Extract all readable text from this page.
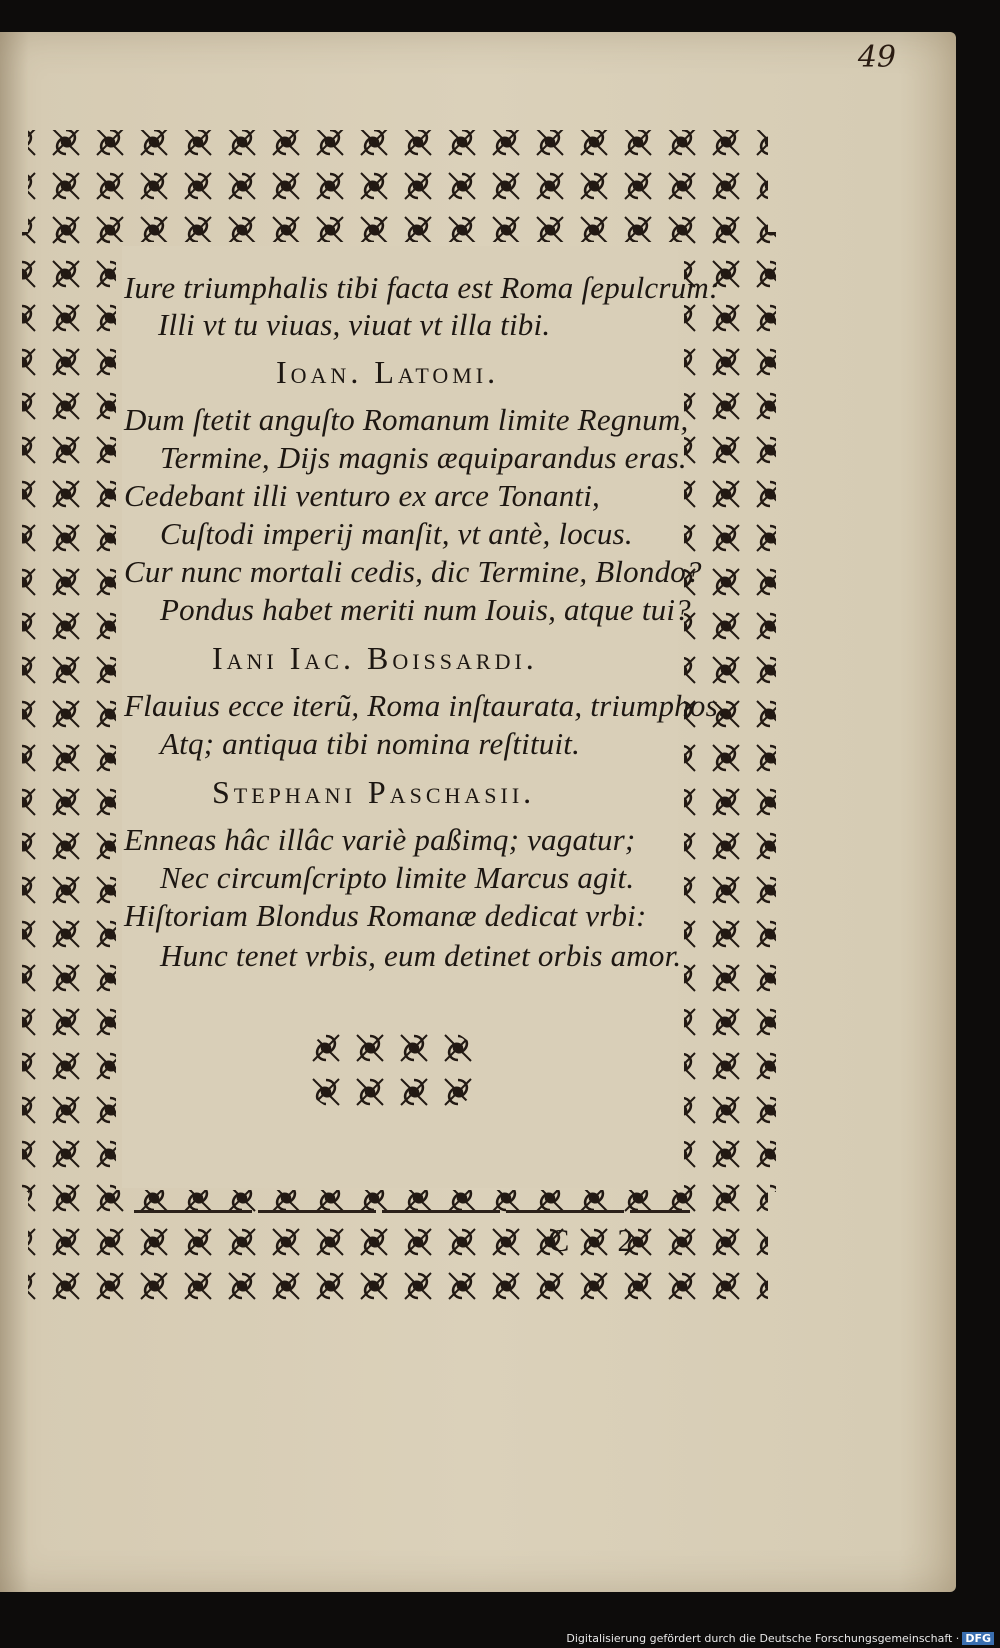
49
Iure triumphalis tibi facta est Roma ſepulcrum:
Illi vt tu viuas, viuat vt illa tibi.
Ioan. Latomi.
Dum ſtetit anguſto Romanum limite Regnum,
Termine, Dijs magnis æquiparandus eras.
Cedebant illi venturo ex arce Tonanti,
Cuſtodi imperij manſit, vt antè, locus.
Cur nunc mortali cedis, dic Termine, Blondo?
Pondus habet meriti num Iouis, atque tui?
Iani Iac. Boissardi.
Flauius ecce iterũ, Roma inſtaurata, triumphos,
Atq; antiqua tibi nomina reſtituit.
Stephani Paschasii.
Enneas hâc illâc variè paßimq; vagatur;
Nec circumſcripto limite Marcus agit.
Hiſtoriam Blondus Romanæ dedicat vrbi:
Hunc tenet vrbis, eum detinet orbis amor.
C 2
Digitalisierung gefördert durch die Deutsche Forschungsgemeinschaft · DFG
